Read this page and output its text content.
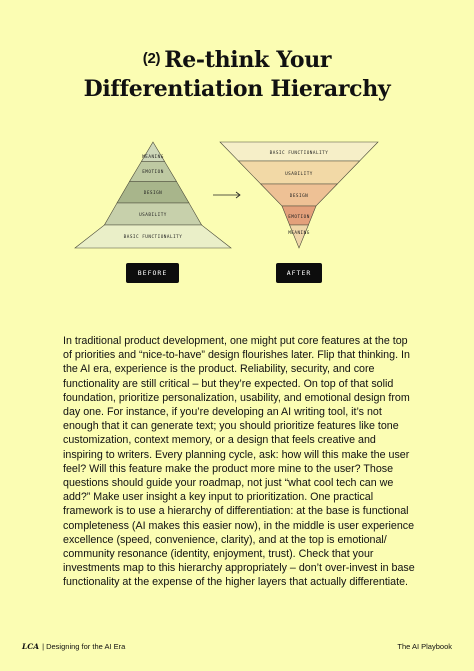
(2) Re-think Your
Differentiation Hierarchy
MEANING
EMOTION
DESIGN
USABILITY
BASIC FUNCTIONALITY
BASIC FUNCTIONALITY
USABILITY
DESIGN
EMOTION
MEANING
BEFORE	AFTER

In traditional product development, one might put core features at the top of priorities and “nice-to-have” design flourishes later. Flip that thinking. In the AI era, experience is the product. Reliability, security, and core functionality are still critical – but they’re expected. On top of that solid foundation, prioritize personalization, usability, and emotional design from day one. For instance, if you’re developing an AI writing tool, it’s not enough that it can generate text; you should prioritize features like tone customization, context memory, or a design that feels creative and inspiring to writers. Every planning cycle, ask: how will this make the user feel? Will this feature make the product more mine to the user? Those questions should guide your roadmap, not just “what cool tech can we add?” Make user insight a key input to prioritization. One practical framework is to use a hierarchy of differentiation: at the base is functional completeness (AI makes this easier now), in the middle is user experience excellence (speed, convenience, clarity), and at the top is emotional/ community resonance (identity, enjoyment, trust). Check that your investments map to this hierarchy appropriately – don’t over-invest in base functionality at the expense of the higher layers that actually differentiate.

LCA | Designing for the AI Era	The AI Playbook
